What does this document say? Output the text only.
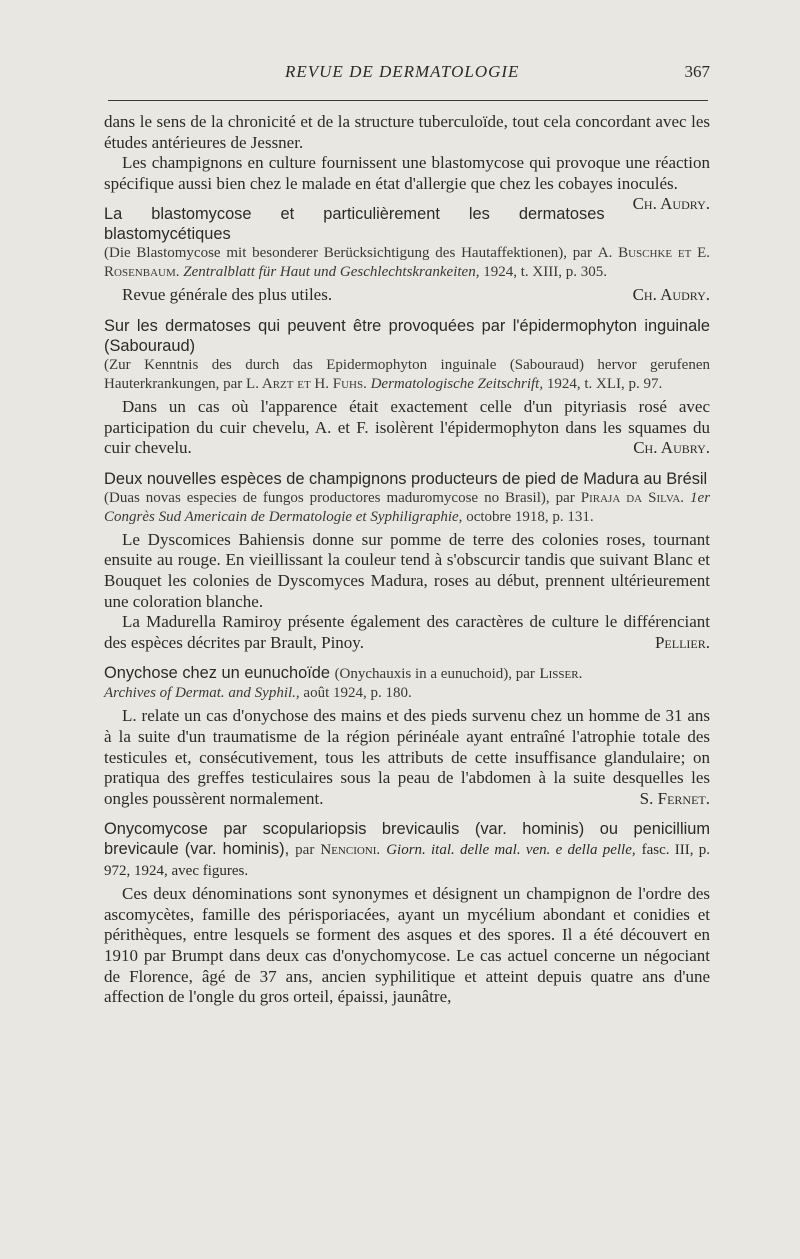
REVUE DE DERMATOLOGIE	367

dans le sens de la chronicité et de la structure tuberculoïde, tout cela concordant avec les études antérieures de Jessner.

Les champignons en culture fournissent une blastomycose qui provoque une réaction spécifique aussi bien chez le malade en état d'allergie que chez les cobayes inoculés.
Ch. Audry.

La blastomycose et particulièrement les dermatoses blastomycétiques

(Die Blastomycose mit besonderer Berücksichtigung des Hautaffektionen), par A. Buschke et E. Rosenbaum. Zentralblatt für Haut und Geschlechtskrankeiten, 1924, t. XIII, p. 305.

Revue générale des plus utiles.	Ch. Audry.

Sur les dermatoses qui peuvent être provoquées par l'épidermophyton inguinale (Sabouraud)

(Zur Kenntnis des durch das Epidermophyton inguinale (Sabouraud) hervor gerufenen Hauterkrankungen, par L. Arzt et H. Fuhs. Dermatologische Zeitschrift, 1924, t. XLI, p. 97.

Dans un cas où l'apparence était exactement celle d'un pityriasis rosé avec participation du cuir chevelu, A. et F. isolèrent l'épidermophyton dans les squames du cuir chevelu.	Ch. Aubry.

Deux nouvelles espèces de champignons producteurs de pied de Madura au Brésil

(Duas novas especies de fungos productores maduromycose no Brasil), par Piraja da Silva. 1er Congrès Sud Americain de Dermatologie et Syphiligraphie, octobre 1918, p. 131.

Le Dyscomices Bahiensis donne sur pomme de terre des colonies roses, tournant ensuite au rouge. En vieillissant la couleur tend à s'obscurcir tandis que suivant Blanc et Bouquet les colonies de Dyscomyces Madura, roses au début, prennent ultérieurement une coloration blanche.

La Madurella Ramiroy présente également des caractères de culture le différenciant des espèces décrites par Brault, Pinoy.	Pellier.

Onychose chez un eunuchoïde (Onychauxis in a eunuchoid), par Lisser.

Archives of Dermat. and Syphil., août 1924, p. 180.

L. relate un cas d'onychose des mains et des pieds survenu chez un homme de 31 ans à la suite d'un traumatisme de la région périnéale ayant entraîné l'atrophie totale des testicules et, consécutivement, tous les attributs de cette insuffisance glandulaire; on pratiqua des greffes testiculaires sous la peau de l'abdomen à la suite desquelles les ongles poussèrent normalement.	S. Fernet.

Onycomycose par scopulariopsis brevicaulis (var. hominis) ou penicillium brevicaule (var. hominis), par Nencioni. Giorn. ital. delle mal. ven. e della pelle, fasc. III, p. 972, 1924, avec figures.

Ces deux dénominations sont synonymes et désignent un champignon de l'ordre des ascomycètes, famille des périsporiacées, ayant un mycélium abondant et conidies et périthèques, entre lesquels se forment des asques et des spores. Il a été découvert en 1910 par Brumpt dans deux cas d'onychomycose. Le cas actuel concerne un négociant de Florence, âgé de 37 ans, ancien syphilitique et atteint depuis quatre ans d'une affection de l'ongle du gros orteil, épaissi, jaunâtre,
